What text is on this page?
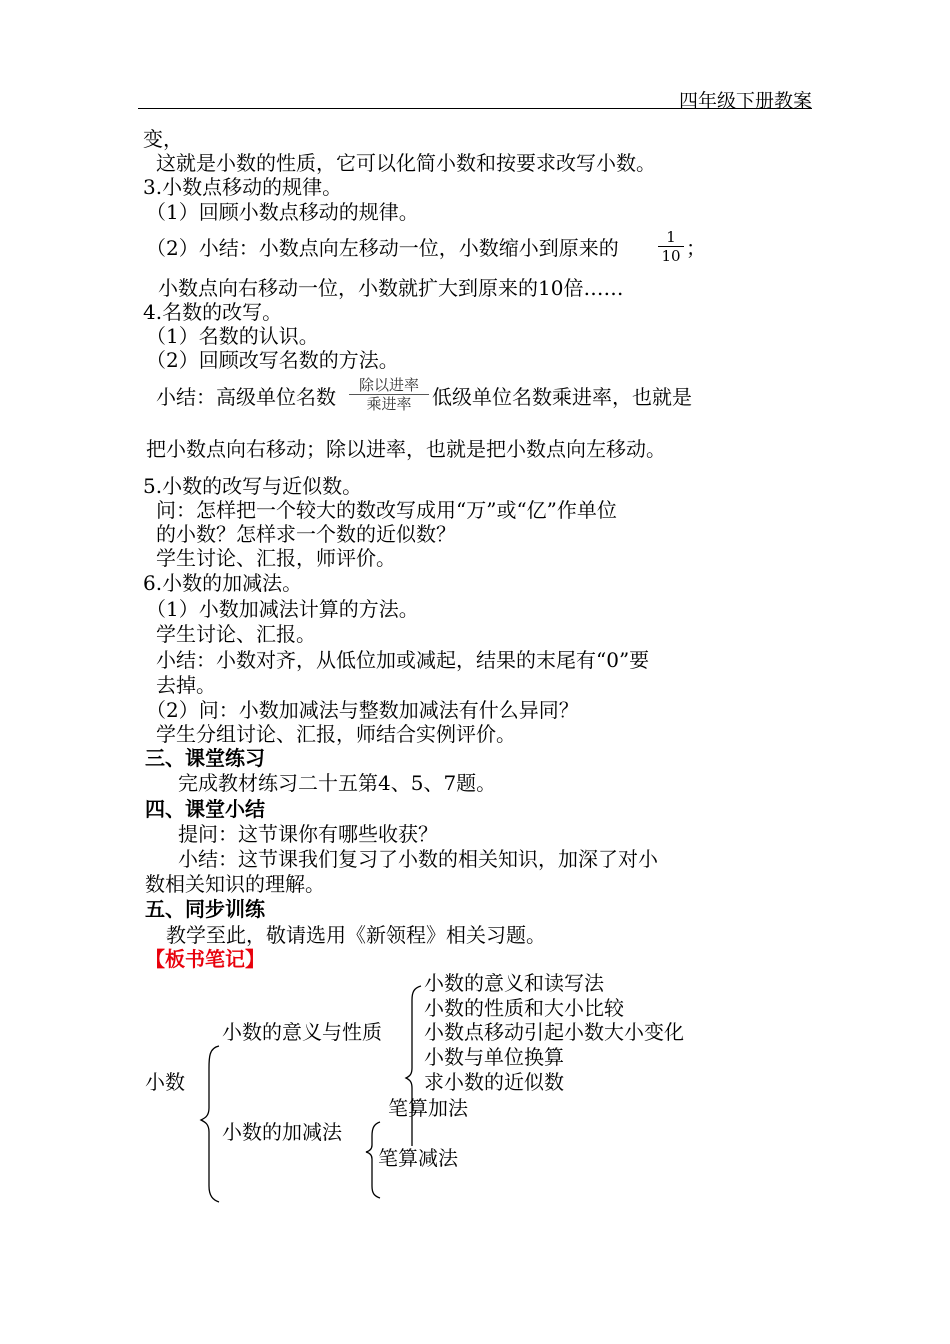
四年级下册教案
变，
这就是小数的性质，它可以化简小数和按要求改写小数。
3.小数点移动的规律。
（1）回顾小数点移动的规律。
（2）小结：小数点向左移动一位，小数缩小到原来的	$\frac{1}{10}$ ；
小数点向右移动一位，小数就扩大到原来的10倍……
4.名数的改写。
（1）名数的认识。
（2）回顾改写名数的方法。
小结：高级单位名数	除以进率
乘进率	低级单位名数乘进率，也就是
把小数点向右移动；除以进率，也就是把小数点向左移动。
5.小数的改写与近似数。
问：怎样把一个较大的数改写成用“万”或“亿”作单位
的小数？怎样求一个数的近似数？
学生讨论、汇报，师评价。
6.小数的加减法。
（1）小数加减法计算的方法。
学生讨论、汇报。
小结：小数对齐，从低位加或减起，结果的末尾有“0”要
去掉。
（2）问：小数加减法与整数加减法有什么异同？
学生分组讨论、汇报，师结合实例评价。
三、课堂练习
完成教材练习二十五第4、5、7题。
四、课堂小结
提问：这节课你有哪些收获？
小结：这节课我们复习了小数的相关知识，加深了对小
数相关知识的理解。
五、同步训练
教学至此，敬请选用《新领程》相关习题。
【板书笔记】
小数的意义和读写法
小数的性质和大小比较
小数的意义与性质 小数点移动引起小数大小变化
小数与单位换算
小数	求小数的近似数
笔算加法
小数的加减法
笔算减法
